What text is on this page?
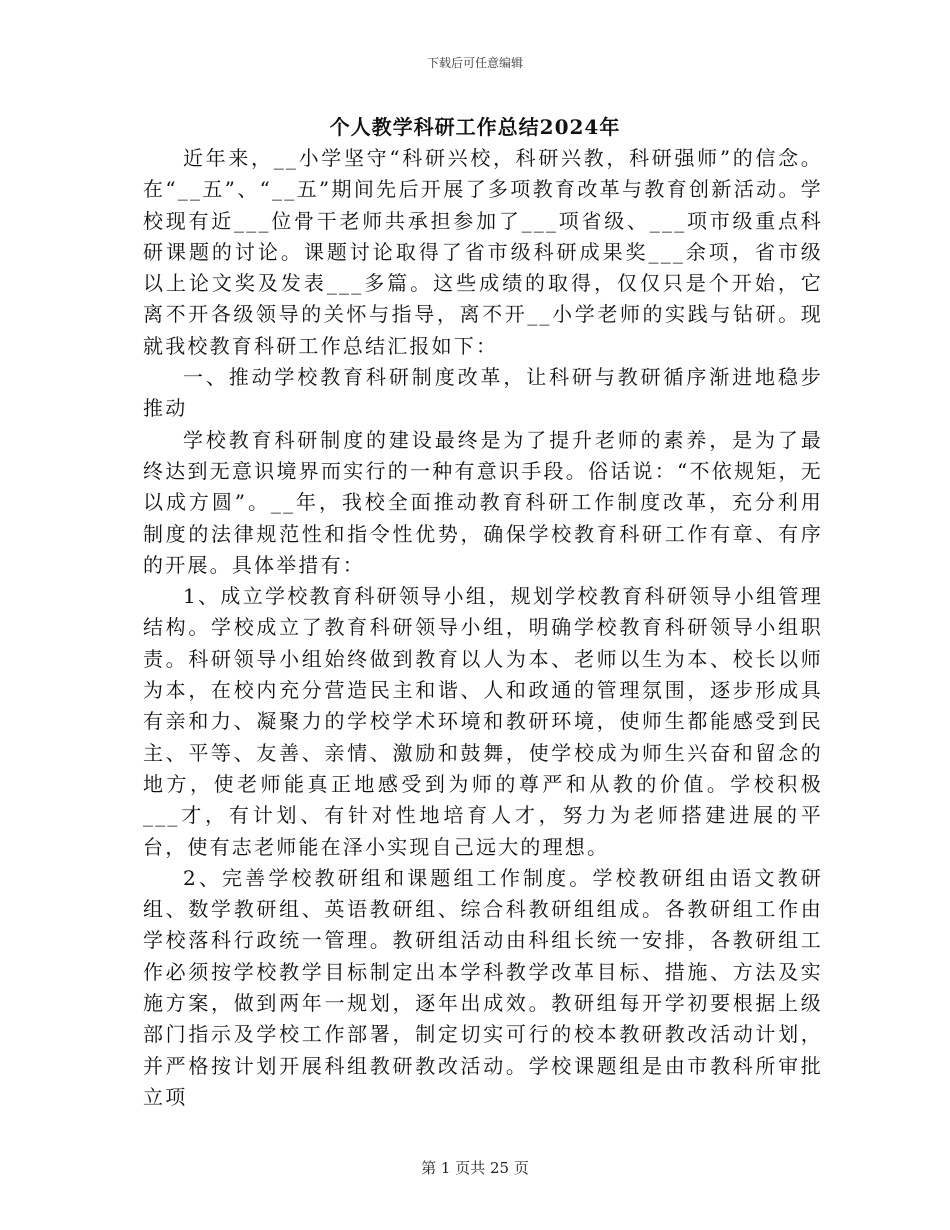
下载后可任意编辑
个人教学科研工作总结2024年

近年来，__小学坚守“科研兴校，科研兴教，科研强师”的信念。在“__五”、“__五”期间先后开展了多项教育改革与教育创新活动。学校现有近___位骨干老师共承担参加了___项省级、___项市级重点科研课题的讨论。课题讨论取得了省市级科研成果奖___余项，省市级以上论文奖及发表___多篇。这些成绩的取得，仅仅只是个开始，它离不开各级领导的关怀与指导，离不开__小学老师的实践与钻研。现就我校教育科研工作总结汇报如下：

一、推动学校教育科研制度改革，让科研与教研循序渐进地稳步推动

学校教育科研制度的建设最终是为了提升老师的素养，是为了最终达到无意识境界而实行的一种有意识手段。俗话说：“不依规矩，无以成方圆”。__年，我校全面推动教育科研工作制度改革，充分利用制度的法律规范性和指令性优势，确保学校教育科研工作有章、有序的开展。具体举措有：

1、成立学校教育科研领导小组，规划学校教育科研领导小组管理结构。学校成立了教育科研领导小组，明确学校教育科研领导小组职责。科研领导小组始终做到教育以人为本、老师以生为本、校长以师为本，在校内充分营造民主和谐、人和政通的管理氛围，逐步形成具有亲和力、凝聚力的学校学术环境和教研环境，使师生都能感受到民主、平等、友善、亲情、激励和鼓舞，使学校成为师生兴奋和留念的地方，使老师能真正地感受到为师的尊严和从教的价值。学校积极___才，有计划、有针对性地培育人才，努力为老师搭建进展的平台，使有志老师能在泽小实现自己远大的理想。

2、完善学校教研组和课题组工作制度。学校教研组由语文教研组、数学教研组、英语教研组、综合科教研组组成。各教研组工作由学校落科行政统一管理。教研组活动由科组长统一安排，各教研组工作必须按学校教学目标制定出本学科教学改革目标、措施、方法及实施方案，做到两年一规划，逐年出成效。教研组每开学初要根据上级部门指示及学校工作部署，制定切实可行的校本教研教改活动计划，并严格按计划开展科组教研教改活动。学校课题组是由市教科所审批立项

第 1 页共 25 页
